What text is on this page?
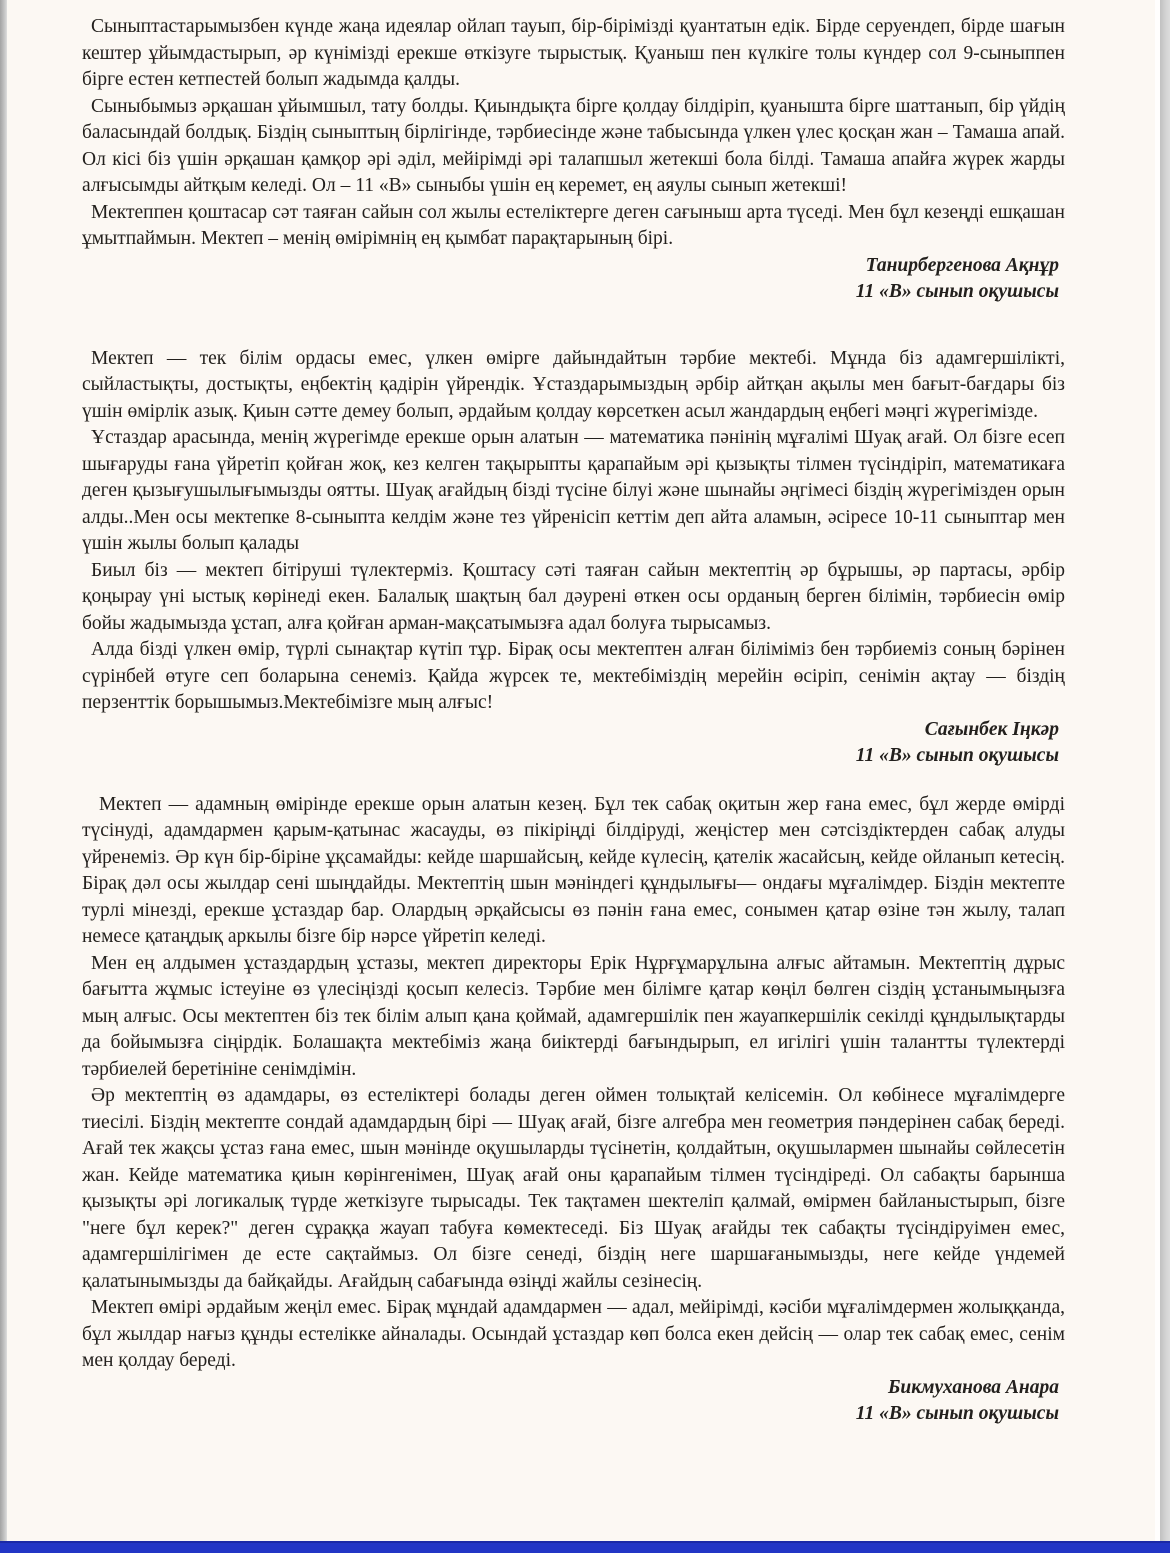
Сыныптастарымызбен күнде жаңа идеялар ойлап тауып, бір-бірімізді қуантатын едік. Бірде серуендеп, бірде шағын кештер ұйымдастырып, әр күнімізді ерекше өткізуге тырыстық. Қуаныш пен күлкіге толы күндер сол 9-сыныппен бірге естен кетпестей болып жадымда қалды.

Сыныбымыз әрқашан ұйымшыл, тату болды. Қиындықта бірге қолдау білдіріп, қуанышта бірге шаттанып, бір үйдің баласындай болдық. Біздің сыныптың бірлігінде, тәрбиесінде және табысында үлкен үлес қосқан жан – Тамаша апай. Ол кісі біз үшін әрқашан қамқор әрі әділ, мейірімді әрі талапшыл жетекші бола білді. Тамаша апайға жүрек жарды алғысымды айтқым келеді. Ол – 11 «В» сыныбы үшін ең керемет, ең аяулы сынып жетекші!

Мектеппен қоштасар сәт таяған сайын сол жылы естеліктерге деген сағыныш арта түседі. Мен бұл кезеңді ешқашан ұмытпаймын. Мектеп – менің өмірімнің ең қымбат парақтарының бірі.

Танирбергенова Ақнұр
11 «В» сынып оқушысы

Мектеп — тек білім ордасы емес, үлкен өмірге дайындайтын тәрбие мектебі. Мұнда біз адамгершілікті, сыйластықты, достықты, еңбектің қадірін үйрендік. Ұстаздарымыздың әрбір айтқан ақылы мен бағыт-бағдары біз үшін өмірлік азық. Қиын сәтте демеу болып, әрдайым қолдау көрсеткен асыл жандардың еңбегі мәңгі жүрегімізде.

Ұстаздар арасында, менің жүрегімде ерекше орын алатын — математика пәнінің мұғалімі Шуақ ағай. Ол бізге есеп шығаруды ғана үйретіп қойған жоқ, кез келген тақырыпты қарапайым әрі қызықты тілмен түсіндіріп, математикаға деген қызығушылығымызды оятты. Шуақ ағайдың бізді түсіне білуі және шынайы әңгімесі біздің жүрегімізден орын алды..Мен осы мектепке 8-сыныпта келдім және тез үйренісіп кеттім деп айта аламын, әсіресе 10-11 сыныптар мен үшін жылы болып қалады

Биыл біз — мектеп бітіруші түлектерміз. Қоштасу сәті таяған сайын мектептің әр бұрышы, әр партасы, әрбір қоңырау үні ыстық көрінеді екен. Балалық шақтың бал дәурені өткен осы орданың берген білімін, тәрбиесін өмір бойы жадымызда ұстап, алға қойған арман-мақсатымызға адал болуға тырысамыз.

Алда бізді үлкен өмір, түрлі сынақтар күтіп тұр. Бірақ осы мектептен алған біліміміз бен тәрбиеміз соның бәрінен сүрінбей өтуге сеп боларына сенеміз. Қайда жүрсек те, мектебіміздің мерейін өсіріп, сенімін ақтау — біздің перзенттік борышымыз.Мектебімізге мың алғыс!

Сағынбек Іңкәр
11 «В» сынып оқушысы

Мектеп — адамның өмірінде ерекше орын алатын кезең. Бұл тек сабақ оқитын жер ғана емес, бұл жерде өмірді түсінуді, адамдармен қарым-қатынас жасауды, өз пікіріңді білдіруді, жеңістер мен сәтсіздіктерден сабақ алуды үйренеміз. Әр күн бір-біріне ұқсамайды: кейде шаршайсың, кейде күлесің, қателік жасайсың, кейде ойланып кетесің. Бірақ дәл осы жылдар сені шыңдайды. Мектептің шын мәніндегі құндылығы— ондағы мұғалімдер. Біздін мектепте турлі мінезді, ерекше ұстаздар бар. Олардың әрқайсысы өз пәнін ғана емес, сонымен қатар өзіне тән жылу, талап немесе қатаңдық аркылы бізге бір нәрсе үйретіп келеді.

Мен ең алдымен ұстаздардың ұстазы, мектеп директоры Ерік Нұрғұмарұлына алғыс айтамын. Мектептің дұрыс бағытта жұмыс істеуіне өз үлесіңізді қосып келесіз. Тәрбие мен білімге қатар көңіл бөлген сіздің ұстанымыңызға мың алғыс. Осы мектептен біз тек білім алып қана қоймай, адамгершілік пен жауапкершілік секілді құндылықтарды да бойымызға сіңірдік. Болашақта мектебіміз жаңа биіктерді бағындырып, ел игілігі үшін талантты түлектерді тәрбиелей беретініне сенімдімін.

Әр мектептің өз адамдары, өз естеліктері болады деген оймен толықтай келісемін. Ол көбінесе мұғалімдерге тиесілі. Біздің мектепте сондай адамдардың бірі — Шуақ ағай, бізге алгебра мен геометрия пәндерінен сабақ береді. Ағай тек жақсы ұстаз ғана емес, шын мәнінде оқушыларды түсінетін, қолдайтын, оқушылармен шынайы сөйлесетін жан. Кейде математика қиын көрінгенімен, Шуақ ағай оны қарапайым тілмен түсіндіреді. Ол сабақты барынша қызықты әрі логикалық түрде жеткізуге тырысады. Тек тақтамен шектеліп қалмай, өмірмен байланыстырып, бізге "неге бұл керек?" деген сұраққа жауап табуға көмектеседі. Біз Шуақ ағайды тек сабақты түсіндіруімен емес, адамгершілігімен де есте сақтаймыз. Ол бізге сенеді, біздің неге шаршағанымызды, неге кейде үндемей қалатынымызды да байқайды. Ағайдың сабағында өзіңді жайлы сезінесің.

Мектеп өмірі әрдайым жеңіл емес. Бірақ мұндай адамдармен — адал, мейірімді, кәсіби мұғалімдермен жолыққанда, бұл жылдар нағыз құнды естелікке айналады. Осындай ұстаздар көп болса екен дейсің — олар тек сабақ емес, сенім мен қолдау береді.

Бикмуханова Анара
11 «В» сынып оқушысы
